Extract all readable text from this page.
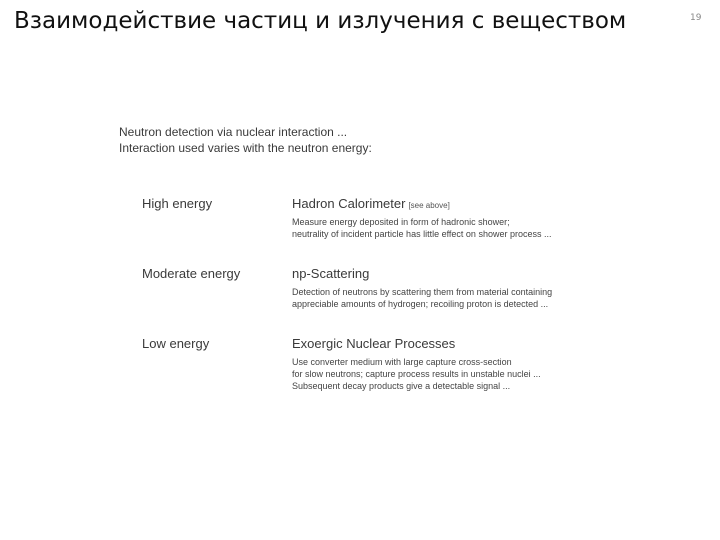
Взаимодействие частиц и излучения с веществом	19
Neutron detection via nuclear interaction ...
Interaction used varies with the neutron energy:
High energy	Hadron Calorimeter [see above]
Measure energy deposited in form of hadronic shower;
neutrality of incident particle has little effect on shower process ...
Moderate energy	np-Scattering
Detection of neutrons by scattering them from material containing
appreciable amounts of hydrogen; recoiling proton is detected ...
Low energy	Exoergic Nuclear Processes
Use converter medium with large capture cross-section
for slow neutrons; capture process results in unstable nuclei ...
Subsequent decay products give a detectable signal ...
